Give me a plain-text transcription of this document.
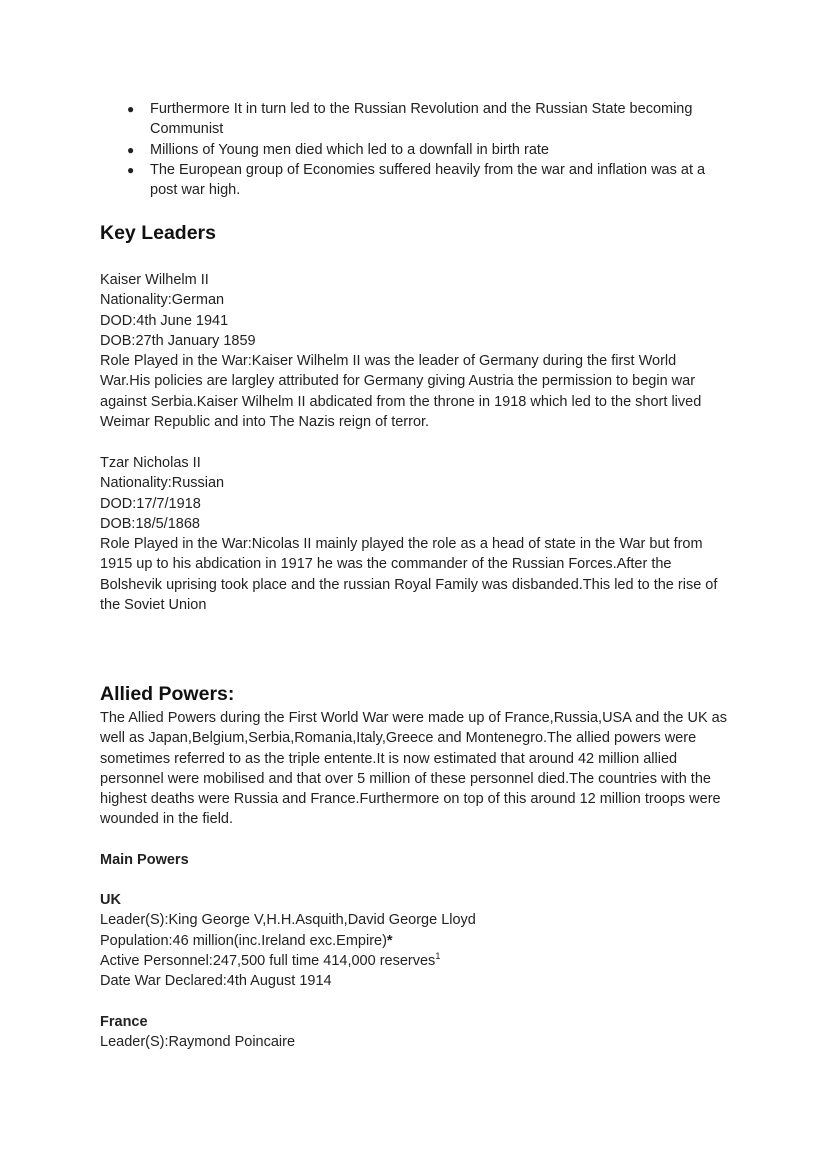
● Furthermore It in turn led to the Russian Revolution and the Russian State becoming Communist
● Millions of Young men died which led to a downfall in birth rate
● The European group of Economies suffered heavily from the war and inflation was at a post war high.
Key Leaders

Kaiser Wilhelm II

Nationality:German

DOD:4th June 1941

DOB:27th January 1859

Role Played in the War:Kaiser Wilhelm II was the leader of Germany during the first World War.His policies are largley attributed for Germany giving Austria the permission to begin war against Serbia.Kaiser Wilhelm II abdicated from the throne in 1918 which led to the short lived Weimar Republic and into The Nazis reign of terror.

Tzar Nicholas II

Nationality:Russian

DOD:17/7/1918

DOB:18/5/1868

Role Played in the War:Nicolas II mainly played the role as a head of state in the War but from 1915 up to his abdication in 1917 he was the commander of the Russian Forces.After the Bolshevik uprising took place and the russian Royal Family was disbanded.This led to the rise of the Soviet Union

Allied Powers:

The Allied Powers during the First World War were made up of France,Russia,USA and the UK as well as Japan,Belgium,Serbia,Romania,Italy,Greece and Montenegro.The allied powers were sometimes referred to as the triple entente.It is now estimated that around 42 million allied personnel were mobilised and that over 5 million of these personnel died.The countries with the highest deaths were Russia and France.Furthermore on top of this around 12 million troops were wounded in the field.

Main Powers

UK

Leader(S):King George V,H.H.Asquith,David George Lloyd

Population:46 million(inc.Ireland exc.Empire)*

Active Personnel:247,500 full time 414,000 reserves$^1$

Date War Declared:4th August 1914

France

Leader(S):Raymond Poincaire
